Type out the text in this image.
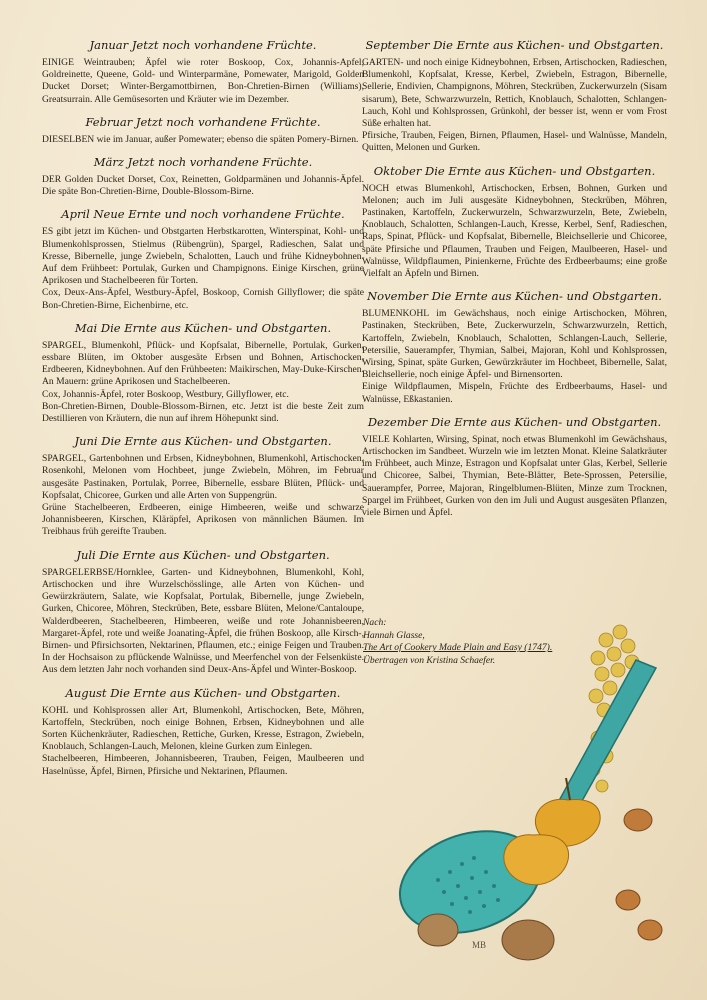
Januar Jetzt noch vorhandene Früchte.

EINIGE Weintrauben; Äpfel wie roter Boskoop, Cox, Johannis-Apfel, Goldreinette, Queene, Gold- und Winterparmäne, Pomewater, Marigold, Golden Ducket Dorset; Winter-Bergamottbirnen, Bon-Chretien-Birnen (Williams), Greatsurrain. Alle Gemüsesorten und Kräuter wie im Dezember.

Februar Jetzt noch vorhandene Früchte.

DIESELBEN wie im Januar, außer Pomewater; ebenso die späten Pomery-Birnen.

März Jetzt noch vorhandene Früchte.

DER Golden Ducket Dorset, Cox, Reinetten, Goldparmänen und Johannis-Äpfel. Die späte Bon-Chretien-Birne, Double-Blossom-Birne.

April Neue Ernte und noch vorhandene Früchte.

ES gibt jetzt im Küchen- und Obstgarten Herbstkarotten, Winterspinat, Kohl- und Blumenkohlsprossen, Stielmus (Rübengrün), Spargel, Radieschen, Salat und Kresse, Bibernelle, junge Zwiebeln, Schalotten, Lauch und frühe Kidneybohnen. Auf dem Frühbeet: Portulak, Gurken und Champignons. Einige Kirschen, grüne Aprikosen und Stachelbeeren für Torten.

Cox, Deux-Ans-Äpfel, Westbury-Äpfel, Boskoop, Cornish Gillyflower; die späte Bon-Chretien-Birne, Eichenbirne, etc.

Mai Die Ernte aus Küchen- und Obstgarten.

SPARGEL, Blumenkohl, Pflück- und Kopfsalat, Bibernelle, Portulak, Gurken, essbare Blüten, im Oktober ausgesäte Erbsen und Bohnen, Artischocken, Erdbeeren, Kidneybohnen. Auf den Frühbeeten: Maikirschen, May-Duke-Kirschen. An Mauern: grüne Aprikosen und Stachelbeeren.

Cox, Johannis-Äpfel, roter Boskoop, Westbury, Gillyflower, etc.

Bon-Chretien-Birnen, Double-Blossom-Birnen, etc. Jetzt ist die beste Zeit zum Destillieren von Kräutern, die nun auf ihrem Höhepunkt sind.

Juni Die Ernte aus Küchen- und Obstgarten.

SPARGEL, Gartenbohnen und Erbsen, Kidneybohnen, Blumenkohl, Artischocken, Rosenkohl, Melonen vom Hochbeet, junge Zwiebeln, Möhren, im Februar ausgesäte Pastinaken, Portulak, Porree, Bibernelle, essbare Blüten, Pflück- und Kopfsalat, Chicoree, Gurken und alle Arten von Suppengrün.

Grüne Stachelbeeren, Erdbeeren, einige Himbeeren, weiße und schwarze Johannisbeeren, Kirschen, Kläräpfel, Aprikosen von männlichen Bäumen. Im Treibhaus früh gereifte Trauben.

Juli Die Ernte aus Küchen- und Obstgarten.

SPARGELERBSE/Hornklee, Garten- und Kidneybohnen, Blumenkohl, Kohl, Artischocken und ihre Wurzelschösslinge, alle Arten von Küchen- und Gewürzkräutern, Salate, wie Kopfsalat, Portulak, Bibernelle, junge Zwiebeln, Gurken, Chicoree, Möhren, Steckrüben, Bete, essbare Blüten, Melone/Cantaloupe, Walderdbeeren, Stachelbeeren, Himbeeren, weiße und rote Johannisbeeren, Margaret-Äpfel, rote und weiße Joanating-Äpfel, die frühen Boskoop, alle Kirsch-, Birnen- und Pfirsichsorten, Nektarinen, Pflaumen, etc.; einige Feigen und Trauben. In der Hochsaison zu pflückende Walnüsse, und Meerfenchel von der Felsenküste. Aus dem letzten Jahr noch vorhanden sind Deux-Ans-Äpfel und Winter-Boskoop.

August Die Ernte aus Küchen- und Obstgarten.

KOHL und Kohlsprossen aller Art, Blumenkohl, Artischocken, Bete, Möhren, Kartoffeln, Steckrüben, noch einige Bohnen, Erbsen, Kidneybohnen und alle Sorten Küchenkräuter, Radieschen, Rettiche, Gurken, Kresse, Estragon, Zwiebeln, Knoblauch, Schlangen-Lauch, Melonen, kleine Gurken zum Einlegen.

Stachelbeeren, Himbeeren, Johannisbeeren, Trauben, Feigen, Maulbeeren und Haselnüsse, Äpfel, Birnen, Pfirsiche und Nektarinen, Pflaumen.

September Die Ernte aus Küchen- und Obstgarten.

GARTEN- und noch einige Kidneybohnen, Erbsen, Artischocken, Radieschen, Blumenkohl, Kopfsalat, Kresse, Kerbel, Zwiebeln, Estragon, Bibernelle, Sellerie, Endivien, Champignons, Möhren, Steckrüben, Zuckerwurzeln (Sisam sisarum), Bete, Schwarzwurzeln, Rettich, Knoblauch, Schalotten, Schlangen-Lauch, Kohl und Kohlsprossen, Grünkohl, der besser ist, wenn er vom Frost Süße erhalten hat.

Pfirsiche, Trauben, Feigen, Birnen, Pflaumen, Hasel- und Walnüsse, Mandeln, Quitten, Melonen und Gurken.

Oktober Die Ernte aus Küchen- und Obstgarten.

NOCH etwas Blumenkohl, Artischocken, Erbsen, Bohnen, Gurken und Melonen; auch im Juli ausgesäte Kidneybohnen, Steckrüben, Möhren, Pastinaken, Kartoffeln, Zuckerwurzeln, Schwarzwurzeln, Bete, Zwiebeln, Knoblauch, Schalotten, Schlangen-Lauch, Kresse, Kerbel, Senf, Radieschen, Raps, Spinat, Pflück- und Kopfsalat, Bibernelle, Bleichsellerie und Chicoree, späte Pfirsiche und Pflaumen, Trauben und Feigen, Maulbeeren, Hasel- und Walnüsse, Wildpflaumen, Pinienkerne, Früchte des Erdbeerbaums; eine große Vielfalt an Äpfeln und Birnen.

November Die Ernte aus Küchen- und Obstgarten.

BLUMENKOHL im Gewächshaus, noch einige Artischocken, Möhren, Pastinaken, Steckrüben, Bete, Zuckerwurzeln, Schwarzwurzeln, Rettich, Kartoffeln, Zwiebeln, Knoblauch, Schalotten, Schlangen-Lauch, Sellerie, Petersilie, Sauerampfer, Thymian, Salbei, Majoran, Kohl und Kohlsprossen, Wirsing, Spinat, späte Gurken, Gewürzkräuter im Hochbeet, Bibernelle, Salat, Bleichsellerie, noch einige Äpfel- und Birnensorten.

Einige Wildpflaumen, Mispeln, Früchte des Erdbeerbaums, Hasel- und Walnüsse, Eßkastanien.

Dezember Die Ernte aus Küchen- und Obstgarten.

VIELE Kohlarten, Wirsing, Spinat, noch etwas Blumenkohl im Gewächshaus, Artischocken im Sandbeet. Wurzeln wie im letzten Monat. Kleine Salatkräuter im Frühbeet, auch Minze, Estragon und Kopfsalat unter Glas, Kerbel, Sellerie und Chicoree, Salbei, Thymian, Bete-Blätter, Bete-Sprossen, Petersilie, Sauerampfer, Porree, Majoran, Ringelblumen-Blüten, Minze zum Trocknen, Spargel im Frühbeet, Gurken von den im Juli und August ausgesäten Pflanzen, viele Birnen und Äpfel.

Nach:
Hannah Glasse,
The Art of Cookery Made Plain and Easy (1747).
Übertragen von Kristina Schaefer.
MB
